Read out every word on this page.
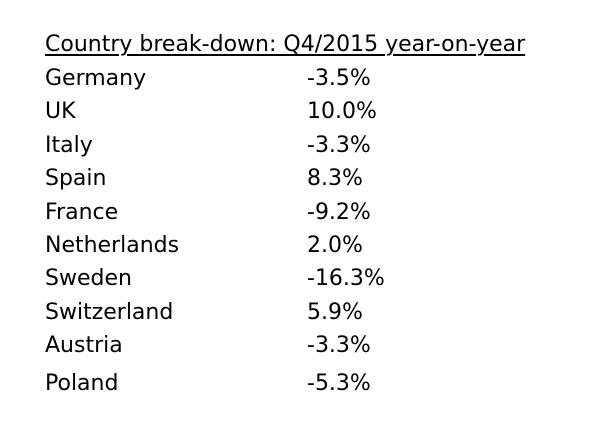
Country break-down: Q4/2015 year-on-year
Germany	-3.5%
UK	10.0%
Italy	-3.3%
Spain	8.3%
France	-9.2%
Netherlands	2.0%
Sweden	-16.3%
Switzerland	5.9%
Austria	-3.3%
Poland	-5.3%
